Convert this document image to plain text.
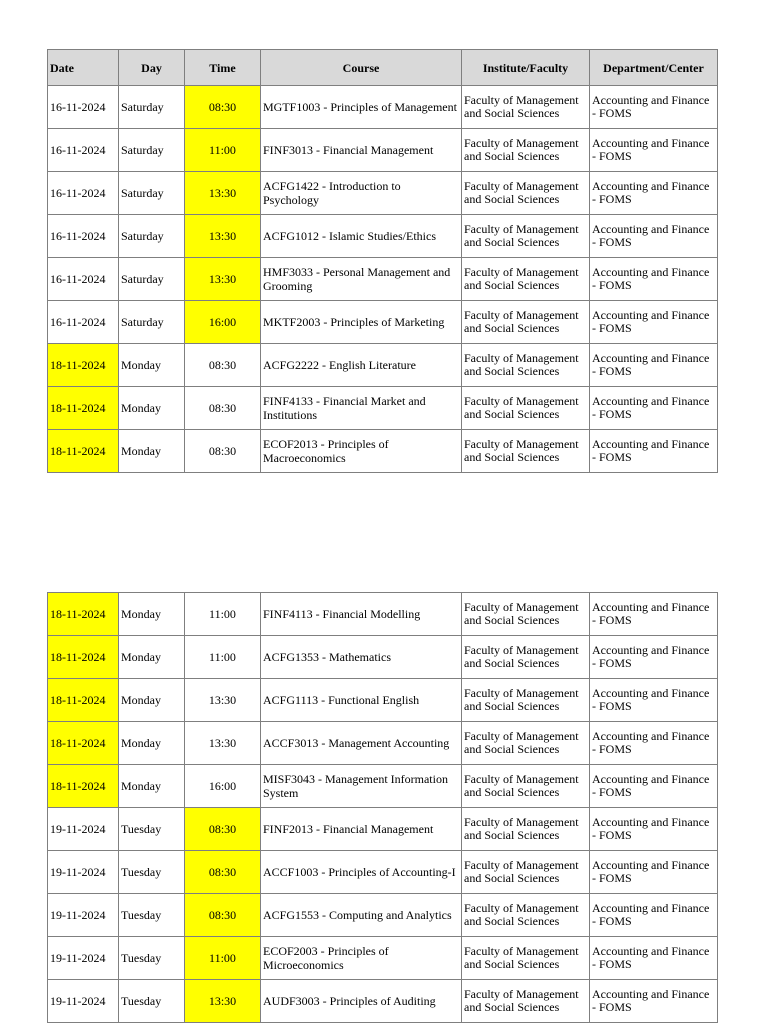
Date	Day	Time	Course	Institute/Faculty	Department/Center
16-11-2024	Saturday	08:30	MGTF1003 - Principles of Management	Faculty of Management and Social Sciences	Accounting and Finance - FOMS
16-11-2024	Saturday	11:00	FINF3013 - Financial Management	Faculty of Management and Social Sciences	Accounting and Finance - FOMS
16-11-2024	Saturday	13:30	ACFG1422 - Introduction to Psychology	Faculty of Management and Social Sciences	Accounting and Finance - FOMS
16-11-2024	Saturday	13:30	ACFG1012 - Islamic Studies/Ethics	Faculty of Management and Social Sciences	Accounting and Finance - FOMS
16-11-2024	Saturday	13:30	HMF3033 - Personal Management and Grooming	Faculty of Management and Social Sciences	Accounting and Finance - FOMS
16-11-2024	Saturday	16:00	MKTF2003 - Principles of Marketing	Faculty of Management and Social Sciences	Accounting and Finance - FOMS
18-11-2024	Monday	08:30	ACFG2222 - English Literature	Faculty of Management and Social Sciences	Accounting and Finance - FOMS
18-11-2024	Monday	08:30	FINF4133 - Financial Market and Institutions	Faculty of Management and Social Sciences	Accounting and Finance - FOMS
18-11-2024	Monday	08:30	ECOF2013 - Principles of Macroeconomics	Faculty of Management and Social Sciences	Accounting and Finance - FOMS
18-11-2024	Monday	11:00	FINF4113 - Financial Modelling	Faculty of Management and Social Sciences	Accounting and Finance - FOMS
18-11-2024	Monday	11:00	ACFG1353 - Mathematics	Faculty of Management and Social Sciences	Accounting and Finance - FOMS
18-11-2024	Monday	13:30	ACFG1113 - Functional English	Faculty of Management and Social Sciences	Accounting and Finance - FOMS
18-11-2024	Monday	13:30	ACCF3013 - Management Accounting	Faculty of Management and Social Sciences	Accounting and Finance - FOMS
18-11-2024	Monday	16:00	MISF3043 - Management Information System	Faculty of Management and Social Sciences	Accounting and Finance - FOMS
19-11-2024	Tuesday	08:30	FINF2013 - Financial Management	Faculty of Management and Social Sciences	Accounting and Finance - FOMS
19-11-2024	Tuesday	08:30	ACCF1003 - Principles of Accounting-I	Faculty of Management and Social Sciences	Accounting and Finance - FOMS
19-11-2024	Tuesday	08:30	ACFG1553 - Computing and Analytics	Faculty of Management and Social Sciences	Accounting and Finance - FOMS
19-11-2024	Tuesday	11:00	ECOF2003 - Principles of Microeconomics	Faculty of Management and Social Sciences	Accounting and Finance - FOMS
19-11-2024	Tuesday	13:30	AUDF3003 - Principles of Auditing	Faculty of Management and Social Sciences	Accounting and Finance - FOMS
